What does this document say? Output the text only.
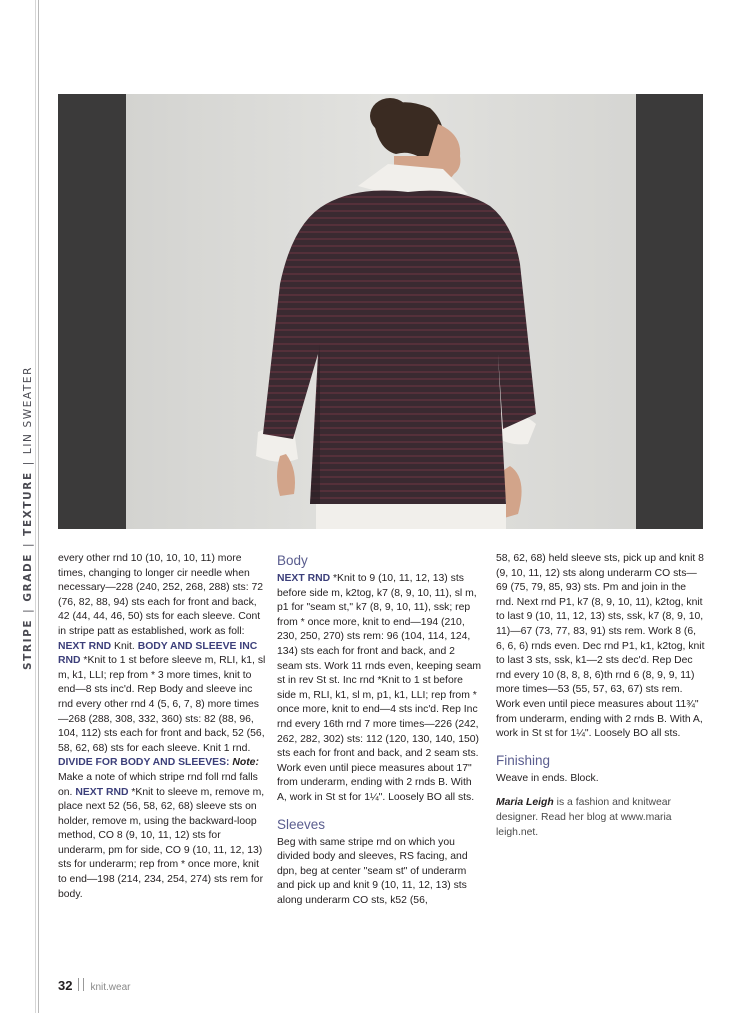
STRIPE|GRADE|TEXTURE|LIN SWEATER

every other rnd 10 (10, 10, 10, 11) more times, changing to longer cir needle when necessary—228 (240, 252, 268, 288) sts: 72 (76, 82, 88, 94) sts each for front and back, 42 (44, 44, 46, 50) sts for each sleeve. Cont in stripe patt as established, work as foll: NEXT RND Knit. BODY AND SLEEVE INC RND *Knit to 1 st before sleeve m, RLI, k1, sl m, k1, LLI; rep from * 3 more times, knit to end—8 sts inc'd. Rep Body and sleeve inc rnd every other rnd 4 (5, 6, 7, 8) more times—268 (288, 308, 332, 360) sts: 82 (88, 96, 104, 112) sts each for front and back, 52 (56, 58, 62, 68) sts for each sleeve. Knit 1 rnd.
DIVIDE FOR BODY AND SLEEVES: Note: Make a note of which stripe rnd foll rnd falls on. NEXT RND *Knit to sleeve m, remove m, place next 52 (56, 58, 62, 68) sleeve sts on holder, remove m, using the backward-loop method, CO 8 (9, 10, 11, 12) sts for underarm, pm for side, CO 9 (10, 11, 12, 13) sts for underarm; rep from * once more, knit to end—198 (214, 234, 254, 274) sts rem for body.

Body

NEXT RND *Knit to 9 (10, 11, 12, 13) sts before side m, k2tog, k7 (8, 9, 10, 11), sl m, p1 for "seam st," k7 (8, 9, 10, 11), ssk; rep from * once more, knit to end—194 (210, 230, 250, 270) sts rem: 96 (104, 114, 124, 134) sts each for front and back, and 2 seam sts. Work 11 rnds even, keeping seam st in rev St st. Inc rnd *Knit to 1 st before side m, RLI, k1, sl m, p1, k1, LLI; rep from * once more, knit to end—4 sts inc'd. Rep Inc rnd every 16th rnd 7 more times—226 (242, 262, 282, 302) sts: 112 (120, 130, 140, 150) sts each for front and back, and 2 seam sts. Work even until piece measures about 17" from underarm, ending with 2 rnds B. With A, work in St st for 1¼". Loosely BO all sts.

Sleeves

Beg with same stripe rnd on which you divided body and sleeves, RS facing, and dpn, beg at center "seam st" of underarm and pick up and knit 9 (10, 11, 12, 13) sts along underarm CO sts, k52 (56,

58, 62, 68) held sleeve sts, pick up and knit 8 (9, 10, 11, 12) sts along underarm CO sts—69 (75, 79, 85, 93) sts. Pm and join in the rnd. Next rnd P1, k7 (8, 9, 10, 11), k2tog, knit to last 9 (10, 11, 12, 13) sts, ssk, k7 (8, 9, 10, 11)—67 (73, 77, 83, 91) sts rem. Work 8 (6, 6, 6, 6) rnds even. Dec rnd P1, k1, k2tog, knit to last 3 sts, ssk, k1—2 sts dec'd. Rep Dec rnd every 10 (8, 8, 8, 6)th rnd 6 (8, 9, 9, 11) more times—53 (55, 57, 63, 67) sts rem. Work even until piece measures about 11¾" from underarm, ending with 2 rnds B. With A, work in St st for 1¼". Loosely BO all sts.

Finishing

Weave in ends. Block.

Maria Leigh is a fashion and knitwear designer. Read her blog at www.maria leigh.net.

32 knit.wear
